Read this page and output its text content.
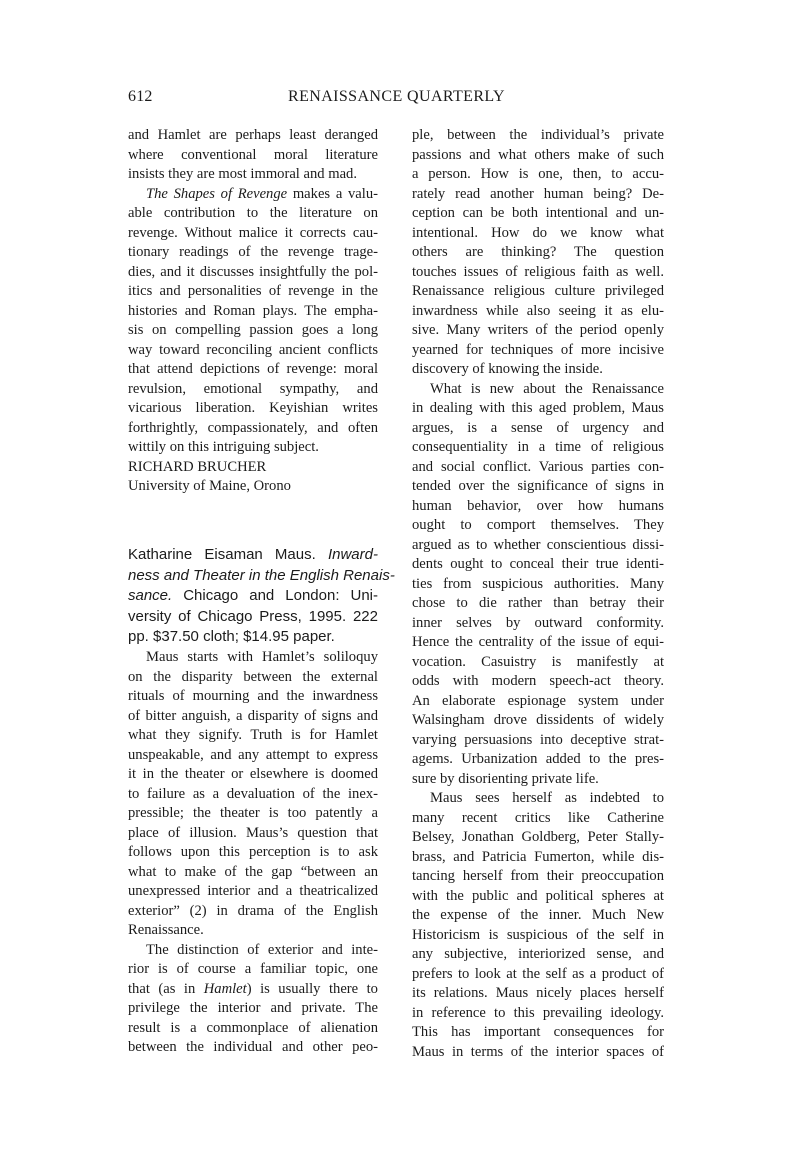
612	RENAISSANCE QUARTERLY
and Hamlet are perhaps least deranged
where conventional moral literature
insists they are most immoral and mad.
The Shapes of Revenge makes a valu-
able contribution to the literature on
revenge. Without malice it corrects cau-
tionary readings of the revenge trage-
dies, and it discusses insightfully the pol-
itics and personalities of revenge in the
histories and Roman plays. The empha-
sis on compelling passion goes a long
way toward reconciling ancient conflicts
that attend depictions of revenge: moral
revulsion, emotional sympathy, and
vicarious liberation. Keyishian writes
forthrightly, compassionately, and often
wittily on this intriguing subject.
RICHARD BRUCHER
University of Maine, Orono
Katharine Eisaman Maus. Inward-
ness and Theater in the English Renais-
sance. Chicago and London: Uni-
versity of Chicago Press, 1995. 222
pp. $37.50 cloth; $14.95 paper.
Maus starts with Hamlet’s soliloquy
on the disparity between the external
rituals of mourning and the inwardness
of bitter anguish, a disparity of signs and
what they signify. Truth is for Hamlet
unspeakable, and any attempt to express
it in the theater or elsewhere is doomed
to failure as a devaluation of the inex-
pressible; the theater is too patently a
place of illusion. Maus’s question that
follows upon this perception is to ask
what to make of the gap “between an
unexpressed interior and a theatricalized
exterior” (2) in drama of the English
Renaissance.
The distinction of exterior and inte-
rior is of course a familiar topic, one
that (as in Hamlet) is usually there to
privilege the interior and private. The
result is a commonplace of alienation
between the individual and other peo-
ple, between the individual’s private
passions and what others make of such
a person. How is one, then, to accu-
rately read another human being? De-
ception can be both intentional and un-
intentional. How do we know what
others are thinking? The question
touches issues of religious faith as well.
Renaissance religious culture privileged
inwardness while also seeing it as elu-
sive. Many writers of the period openly
yearned for techniques of more incisive
discovery of knowing the inside.
What is new about the Renaissance
in dealing with this aged problem, Maus
argues, is a sense of urgency and
consequentiality in a time of religious
and social conflict. Various parties con-
tended over the significance of signs in
human behavior, over how humans
ought to comport themselves. They
argued as to whether conscientious dissi-
dents ought to conceal their true identi-
ties from suspicious authorities. Many
chose to die rather than betray their
inner selves by outward conformity.
Hence the centrality of the issue of equi-
vocation. Casuistry is manifestly at
odds with modern speech-act theory.
An elaborate espionage system under
Walsingham drove dissidents of widely
varying persuasions into deceptive strat-
agems. Urbanization added to the pres-
sure by disorienting private life.
Maus sees herself as indebted to
many recent critics like Catherine
Belsey, Jonathan Goldberg, Peter Stally-
brass, and Patricia Fumerton, while dis-
tancing herself from their preoccupation
with the public and political spheres at
the expense of the inner. Much New
Historicism is suspicious of the self in
any subjective, interiorized sense, and
prefers to look at the self as a product of
its relations. Maus nicely places herself
in reference to this prevailing ideology.
This has important consequences for
Maus in terms of the interior spaces of
